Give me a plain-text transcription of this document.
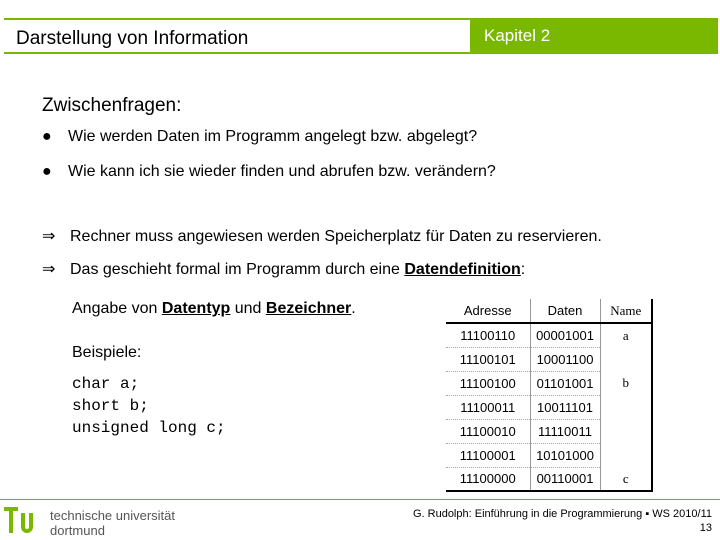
Darstellung von Information	Kapitel 2
Zwischenfragen:
● Wie werden Daten im Programm angelegt bzw. abgelegt?
● Wie kann ich sie wieder finden und abrufen bzw. verändern?
⇒ Rechner muss angewiesen werden Speicherplatz für Daten zu reservieren.
⇒ Das geschieht formal im Programm durch eine Datendefinition:
Angabe von Datentyp und Bezeichner.
Beispiele:
char a;
short b;
unsigned long c;
Adresse	Daten	Name
11100110	00001001	a
11100101	10001100	
11100100	01101001	b
11100011	10011101	
11100010	11110011	
11100001	10101000	
11100000	00110001	c
technische universität
dortmund
G. Rudolph: Einführung in die Programmierung ▪ WS 2010/11
13
